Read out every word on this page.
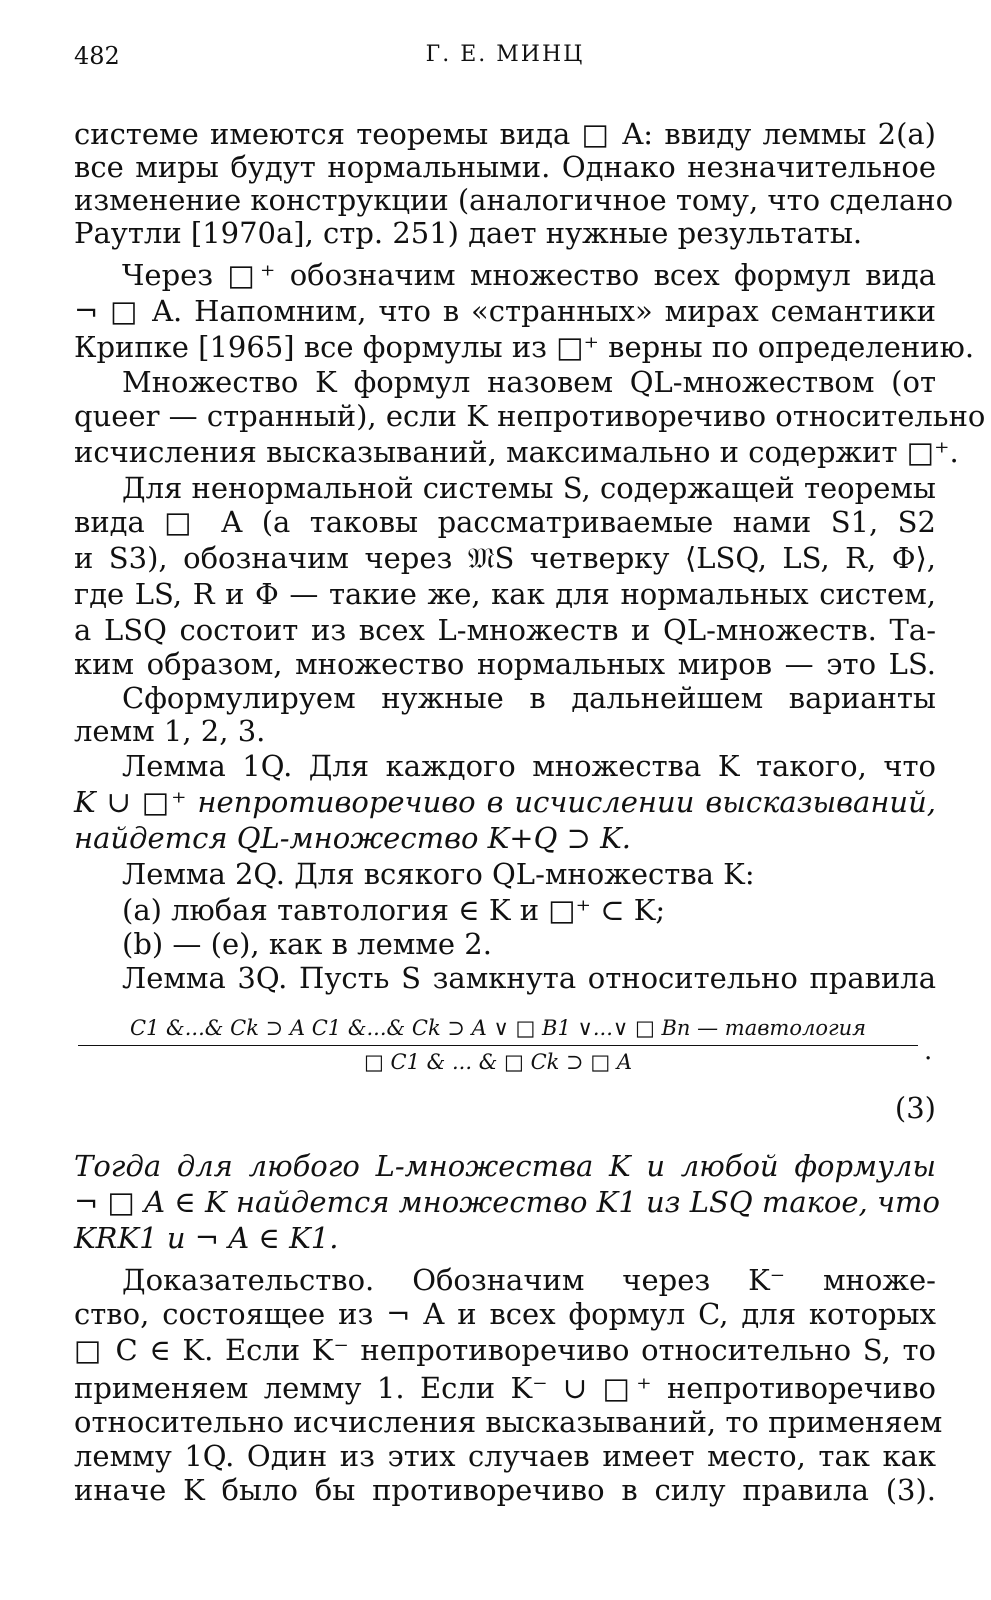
482	Г. Е. МИНЦ
системе имеются теоремы вида □ A: ввиду леммы 2(a)
все миры будут нормальными. Однако незначительное
изменение конструкции (аналогичное тому, что сделано
Раутли [1970a], стр. 251) дает нужные результаты.
Через □⁺ обозначим множество всех формул вида
¬ □ A. Напомним, что в «странных» мирах семантики
Крипке [1965] все формулы из □⁺ верны по определению.
Множество K формул назовем QL-множеством (от
queer — странный), если K непротиворечиво относительно
исчисления высказываний, максимально и содержит □⁺.
Для ненормальной системы S, содержащей теоремы
вида □ A (а таковы рассматриваемые нами S1, S2
и S3), обозначим через 𝔐S четверку ⟨LSQ, LS, R, Φ⟩,
где LS, R и Φ — такие же, как для нормальных систем,
а LSQ состоит из всех L-множеств и QL-множеств. Та-
ким образом, множество нормальных миров — это LS.
Сформулируем нужные в дальнейшем варианты
лемм 1, 2, 3.
Лемма 1Q. Для каждого множества K такого, что
K ∪ □⁺ непротиворечиво в исчислении высказываний,
найдется QL-множество K+Q ⊃ K.
Лемма 2Q. Для всякого QL-множества K:
(a) любая тавтология ∈ K и □⁺ ⊂ K;
(b) — (e), как в лемме 2.
Лемма 3Q. Пусть S замкнута относительно правила
C1 &...& Ck ⊃ A C1 &...& Ck ⊃ A ∨ □ B1 ∨...∨ □ Bn — тавтология
□ C1 & ... & □ Ck ⊃ □ A	.
(3)
Тогда для любого L-множества K и любой формулы
¬ □ A ∈ K найдется множество K1 из LSQ такое, что
KRK1 и ¬ A ∈ K1.
Доказательство. Обозначим через K⁻ множе-
ство, состоящее из ¬ A и всех формул C, для которых
□ C ∈ K. Если K⁻ непротиворечиво относительно S, то
применяем лемму 1. Если K⁻ ∪ □⁺ непротиворечиво
относительно исчисления высказываний, то применяем
лемму 1Q. Один из этих случаев имеет место, так как
иначе K было бы противоречиво в силу правила (3).
